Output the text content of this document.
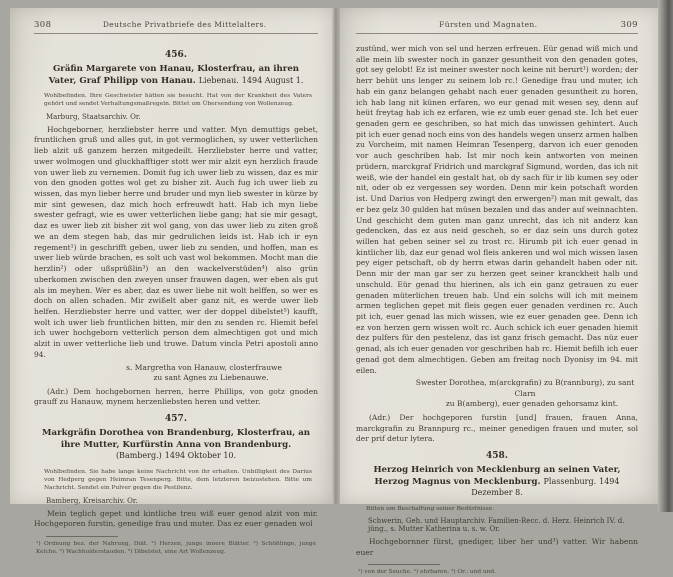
308	Deutsche Privatbriefe des Mittelalters.
456.
Gräfin Margarete von Hanau, Klosterfrau, an ihren Vater, Graf Philipp von Hanau. Liebenau. 1494 August 1.
Wohlbefinden. Ihre Geschwister hätten sie besucht. Hat von der Krankheit des Vaters gehört und sendet Verhaltungsmaßregeln. Bittet um Übersendung von Wollenzeug.
Marburg, Staatsarchiv. Or.

Hochgeborner, herzliebster herre und vatter. Myn demuttigs gebet, fruntlichen gruß und alles gut, in got vermoglichen, sy uwer vetterlichen lieb alzit uß ganzem herzen mitgedeilt. Herzliebster herre und vatter, uwer wolmogen und gluckhafftiger stott wer mir alzit eyn herzlich fraude von uwer lieb zu vernemen. Domit fug ich uwer lieb zu wissen, daz es mir von den gnoden gottes wol get zu bisher zit. Auch fug ich uwer lieb zu wissen, das myn lieber herre und bruder und myn lieb swester in kürze by mir sint gewesen, daz mich hoch erfreuwdt hatt. Hab ich myn liebe swester gefragt, wie es uwer vetterlichen liebe gang; hat sie mir gesagt, daz es uwer lieb zit bisher zit wol gang, von das uwer lieb zu ziten groß we an dem stegen hab, das mir gedrulichen leids ist. Hab ich ir eyn regement¹) in geschrifft geben, uwer lieb zu senden, und hoffen, man es uwer lieb würde brachen, es solt uch vast wol bekommen. Mocht man die herzlin²) oder ußsprüßlin³) an den wackelverstüden⁴) also grün uberkomen zwischen den zweyen unser frauwen dagen, wer eben als gut als im meyhen. Wer es aber, daz es uwer liebe nit wolt helffen, so wer es doch on allen schaden. Mir zwißelt aber ganz nit, es werde uwer lieb helfen. Herzliebster herre und vatter, wer der doppel dibelstet⁵) kaufft, wolt ich uwer lieb fruntlichen bitten, mir den zu senden rc. Hiemit befel ich uwer hochgeborn vetterlich person dem almechtigen got und mich alzit in uwer vetterliche lieb und truwe. Datum vincla Petri apostoli anno 94.

s. Margretha von Hanauw, closterfrauwe
zu sant Agnes zu Liebenauwe.

(Adr.) Dem hochgebornen herren, herre Phillips, von gotz gnoden grauff zu Hanauw, mynem herzenliebsten heren und vetter.

457.
Markgräfin Dorothea von Brandenburg, Klosterfrau, an ihre Mutter, Kurfürstin Anna von Brandenburg. (Bamberg.) 1494 Oktober 10.
Wohlbefinden. Sie habe lange keine Nachricht von ihr erhalten. Unbilligkeit des Darius von Hedperg gegen Heimran Tesenperg. Bitte, dem letzteren beizustehen. Bitte um Nachricht. Sendet ein Pulver gegen die Pestilenz.
Bamberg, Kreisarchiv. Or.

Mein teglich gepet und kintliche treu wiß euer genod alzit von mir. Hochgeporen furstin, genedige frau und muter. Das ez euer genaden wol

¹) Ordnung bez. der Nahrung, Diät. ²) Herzen, junge innere Blätter. ³) Schößlinge, junge Kelche. ⁴) Wachholderstauden. ⁵) Dibelstet, eine Art Wollenzeug.
Fürsten und Magnaten.	309

zustünd, wer mich von sel und herzen erfreuen. Eür genad wiß mich und alle mein lib swester noch in ganzer gesuntheit von den genaden gotes, got sey gelobt! Ez ist meiner swester noch keine nit berurt¹) worden; der herr behüt uns lenger zu seinem lob rc.! Genedige frau und muter, ich hab ein ganz belangen gehabt nach euer genaden gesuntheit zu horen, ich hab lang nit künen erfaren, wo eur genad mit wesen sey, denn auf heüt freytag hab ich ez erfaren, wie ez umb euer genad ste. Ich het euer genaden gern ee geschriben, so hat mich das unwissen gehintert. Auch pit ich euer genad noch eins von des handels wegen unserz armen halben zu Vorcheim, mit namen Heimran Tesenperg, darvon ich euer genoden vor auch geschriben hab. Ist mir noch kein antworten von meinen prüdern, marckgraf Fridrich und marckgraf Sigmund, worden, das ich nit weiß, wie der handel ein gestalt hat, ob dy sach für ir lib kumen sey oder nit, oder ob ez vergessen sey worden. Denn mir kein potschaft worden ist. Und Darius von Hedperg zwingt den erwergen²) man mit gewalt, das er bez gelz 30 gulden hat müsen bezalen und das ander auf weinnachten. Und geschicht dem guten man ganz unrecht, das ich nit anderz kan gedencken, das ez aus neid gescheh, so er daz sein uns durch gotez willen hat geben seiner sel zu trost rc. Hirumb pit ich euer genad in kintlicher lib, daz eur genad wol fleis ankeren und wol mich wissen lasen pey eiger petschaft, ob dy herrn etwas darin gehandelt haben oder nit. Denn mir der man gar ser zu herzen geet seiner kranckheit halb und unschuld. Eür genad thu hierinen, als ich ein ganz getrauen zu euer genaden müterlichen treuen hab. Und ein solchs will ich mit meinem armen teglichen gepet mit fleis gegen euer genaden verdinen rc. Auch pit ich, euer genad las mich wissen, wie ez euer genaden gee. Denn ich ez von herzen gern wissen wolt rc. Auch schick ich euer genaden hiemit dez pulfers für den pestelenz, das ist ganz frisch gemacht. Das nüz euer genad, als ich euer genaden vor geschriben hab rc. Hiemit befilh ich euer genad got dem almechtigen. Geben am freitag noch Dyonisy im 94. mit eilen.

Swester Dorothea, m(arckgrafin) zu B(rannburg), zu sant Clarn
zu B(amberg), euer genaden gehorsamz kint.

(Adr.) Der hochgeporen furstin [und] frauen, frauen Anna, marckgrafin zu Brannpurg rc., meiner genedigen frauen und muter, sol der prif detur lytera.

458.
Herzog Heinrich von Mecklenburg an seinen Vater, Herzog Magnus von Mecklenburg. Plassenburg. 1494 Dezember 8.
Bitten um Beschaffung seiner Bedürfnisse.
Schwerin, Geh. und Hauptarchiv. Familien-Recc. d. Herz. Heinrich IV. d. jüng., s. Mutter Katherina u. s. w. Or.

Hochgebornner fürst, gnediger, liber her und³) vatter. Wir habenn euer

¹) von der Seuche. ²) ehrbaren. ³) Or.: und und.
